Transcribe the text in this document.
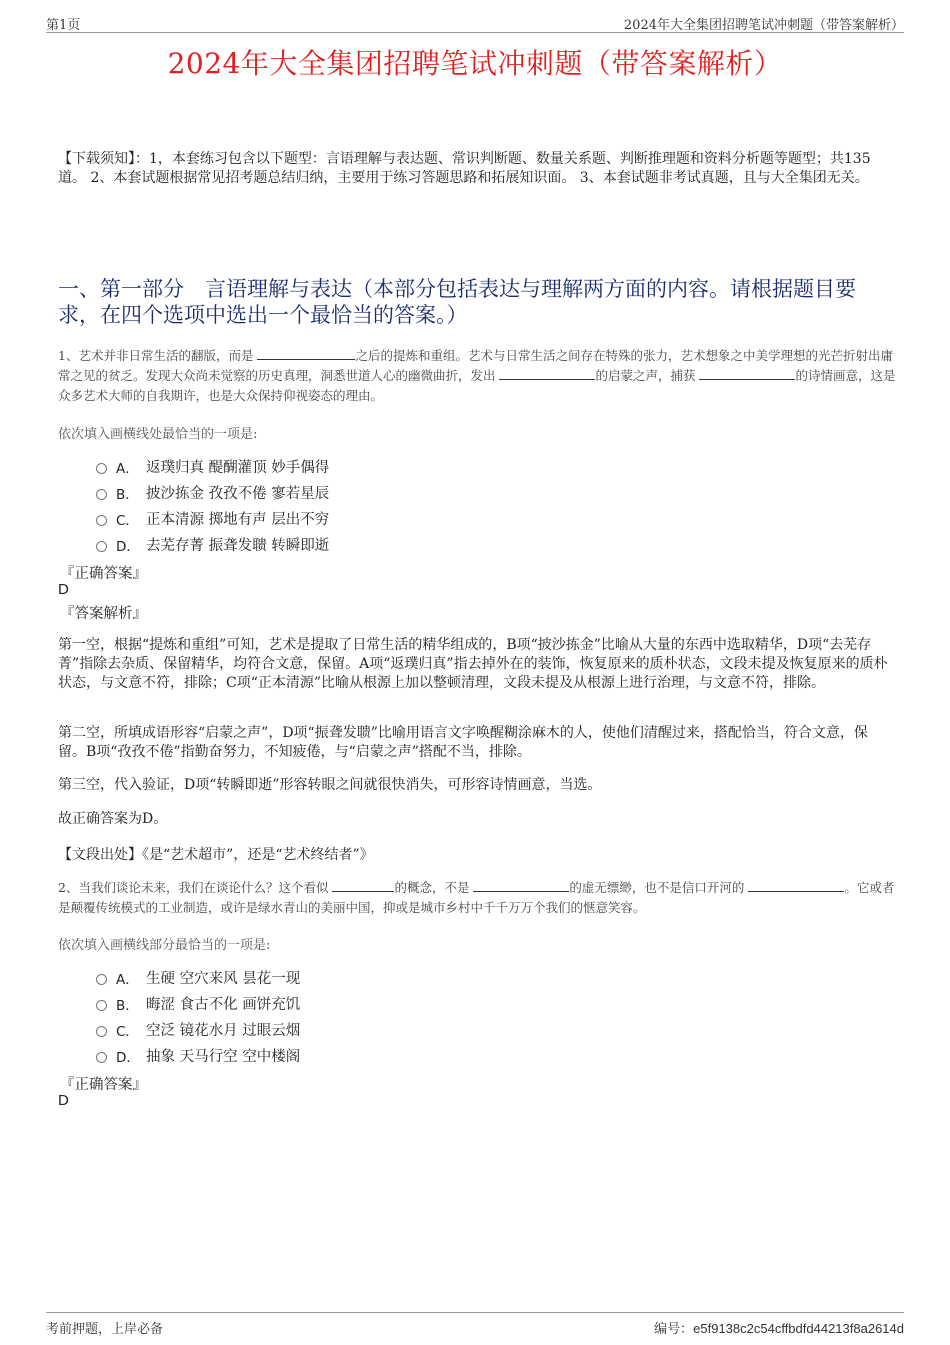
第1页	2024年大全集团招聘笔试冲刺题（带答案解析）
2024年大全集团招聘笔试冲刺题（带答案解析）
【下载须知】：1，本套练习包含以下题型：言语理解与表达题、常识判断题、数量关系题、判断推理题和资料分析题等题型；共135道。 2、本套试题根据常见招考题总结归纳，主要用于练习答题思路和拓展知识面。 3、本套试题非考试真题，且与大全集团无关。
一、第一部分　言语理解与表达（本部分包括表达与理解两方面的内容。请根据题目要求，在四个选项中选出一个最恰当的答案。）
1、艺术并非日常生活的翻版，而是	之后的提炼和重组。艺术与日常生活之间存在特殊的张力，艺术想象之中美学理想的光芒折射出庸常之见的贫乏。发现大众尚未觉察的历史真理，洞悉世道人心的幽微曲折，发出	的启蒙之声，捕获	的诗情画意，这是众多艺术大师的自我期许，也是大众保持仰视姿态的理由。
依次填入画横线处最恰当的一项是:
A． 返璞归真 醍醐灌顶 妙手偶得
B． 披沙拣金 孜孜不倦 寥若星辰
C． 正本清源 掷地有声 层出不穷
D． 去芜存菁 振聋发聩 转瞬即逝
『正确答案』
D
『答案解析』
第一空，根据“提炼和重组”可知，艺术是提取了日常生活的精华组成的，B项“披沙拣金”比喻从大量的东西中选取精华，D项“去芜存菁”指除去杂质、保留精华，均符合文意，保留。A项“返璞归真”指去掉外在的装饰，恢复原来的质朴状态，文段未提及恢复原来的质朴状态，与文意不符，排除；C项“正本清源”比喻从根源上加以整顿清理，文段未提及从根源上进行治理，与文意不符，排除。
第二空，所填成语形容“启蒙之声”，D项“振聋发聩”比喻用语言文字唤醒糊涂麻木的人，使他们清醒过来，搭配恰当，符合文意，保留。B项“孜孜不倦”指勤奋努力，不知疲倦，与“启蒙之声”搭配不当，排除。
第三空，代入验证，D项“转瞬即逝”形容转眼之间就很快消失，可形容诗情画意，当选。
故正确答案为D。
【文段出处】《是“艺术超市”，还是“艺术终结者”》
2、当我们谈论未来，我们在谈论什么？这个看似	的概念，不是	的虚无缥缈，也不是信口开河的	。它或者是颠覆传统模式的工业制造，或许是绿水青山的美丽中国，抑或是城市乡村中千千万万个我们的惬意笑容。
依次填入画横线部分最恰当的一项是:
A． 生硬 空穴来风 昙花一现
B． 晦涩 食古不化 画饼充饥
C． 空泛 镜花水月 过眼云烟
D． 抽象 天马行空 空中楼阁
『正确答案』
D
考前押题，上岸必备	编号：e5f9138c2c54cffbdfd44213f8a2614d
